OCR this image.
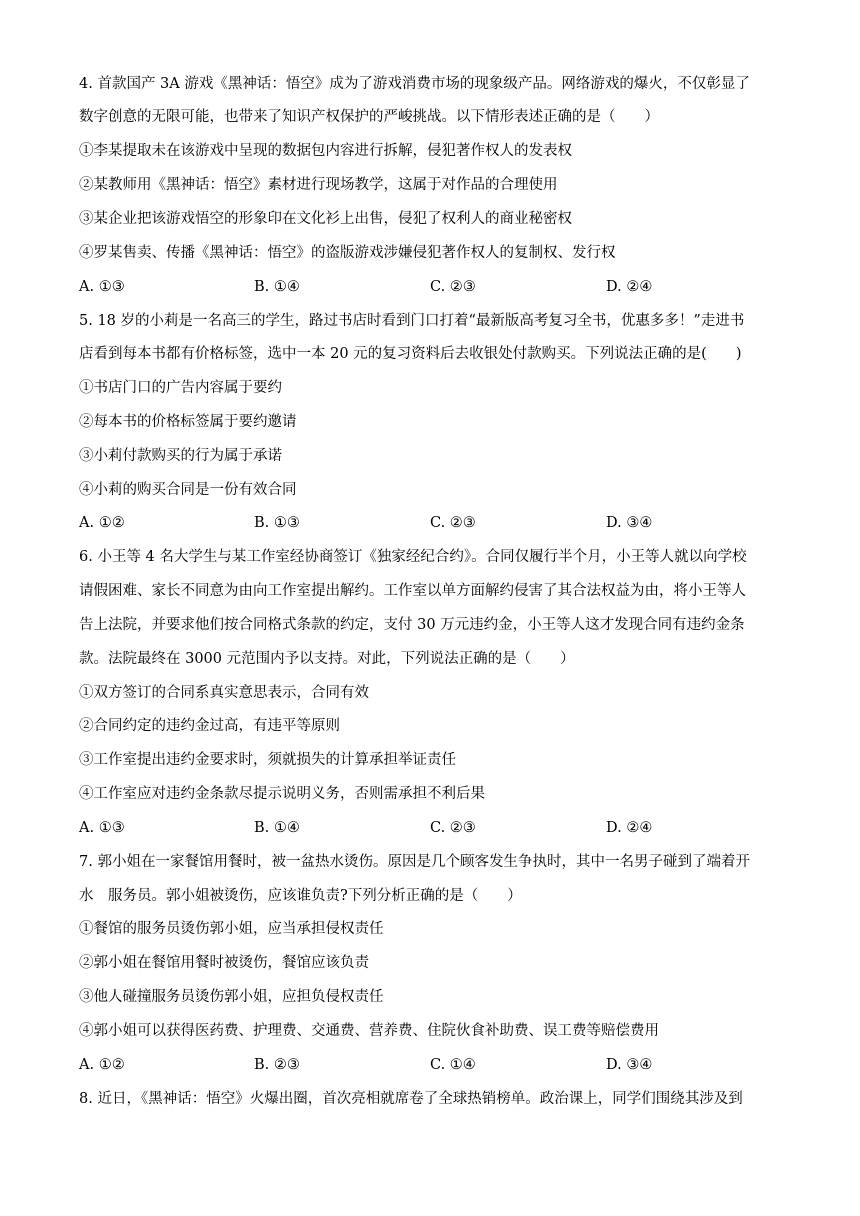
4. 首款国产 3A 游戏《黑神话：悟空》成为了游戏消费市场的现象级产品。网络游戏的爆火，不仅彰显了
数字创意的无限可能，也带来了知识产权保护的严峻挑战。以下情形表述正确的是（　　）
①李某提取未在该游戏中呈现的数据包内容进行拆解，侵犯著作权人的发表权
②某教师用《黑神话：悟空》素材进行现场教学，这属于对作品的合理使用
③某企业把该游戏悟空的形象印在文化衫上出售，侵犯了权利人的商业秘密权
④罗某售卖、传播《黑神话：悟空》的盗版游戏涉嫌侵犯著作权人的复制权、发行权
A. ①③	B. ①④	C. ②③	D. ②④
5. 18 岁的小莉是一名高三的学生，路过书店时看到门口打着“最新版高考复习全书，优惠多多！”走进书
店看到每本书都有价格标签，选中一本 20 元的复习资料后去收银处付款购买。下列说法正确的是(　　)
①书店门口的广告内容属于要约
②每本书的价格标签属于要约邀请
③小莉付款购买的行为属于承诺
④小莉的购买合同是一份有效合同
A. ①②	B. ①③	C. ②③	D. ③④
6. 小王等 4 名大学生与某工作室经协商签订《独家经纪合约》。合同仅履行半个月，小王等人就以向学校
请假困难、家长不同意为由向工作室提出解约。工作室以单方面解约侵害了其合法权益为由，将小王等人
告上法院，并要求他们按合同格式条款的约定，支付 30 万元违约金，小王等人这才发现合同有违约金条
款。法院最终在 3000 元范围内予以支持。对此，下列说法正确的是（　　）
①双方签订的合同系真实意思表示，合同有效
②合同约定的违约金过高，有违平等原则
③工作室提出违约金要求时，须就损失的计算承担举证责任
④工作室应对违约金条款尽提示说明义务，否则需承担不利后果
A. ①③	B. ①④	C. ②③	D. ②④
7. 郭小姐在一家餐馆用餐时，被一盆热水烫伤。原因是几个顾客发生争执时，其中一名男子碰到了端着开
水　服务员。郭小姐被烫伤，应该谁负责?下列分析正确的是（　　）
①餐馆的服务员烫伤郭小姐，应当承担侵权责任
②郭小姐在餐馆用餐时被烫伤，餐馆应该负责
③他人碰撞服务员烫伤郭小姐，应担负侵权责任
④郭小姐可以获得医药费、护理费、交通费、营养费、住院伙食补助费、误工费等赔偿费用
A. ①②	B. ②③	C. ①④	D. ③④
8. 近日，《黑神话：悟空》火爆出圈，首次亮相就席卷了全球热销榜单。政治课上，同学们围绕其涉及到
